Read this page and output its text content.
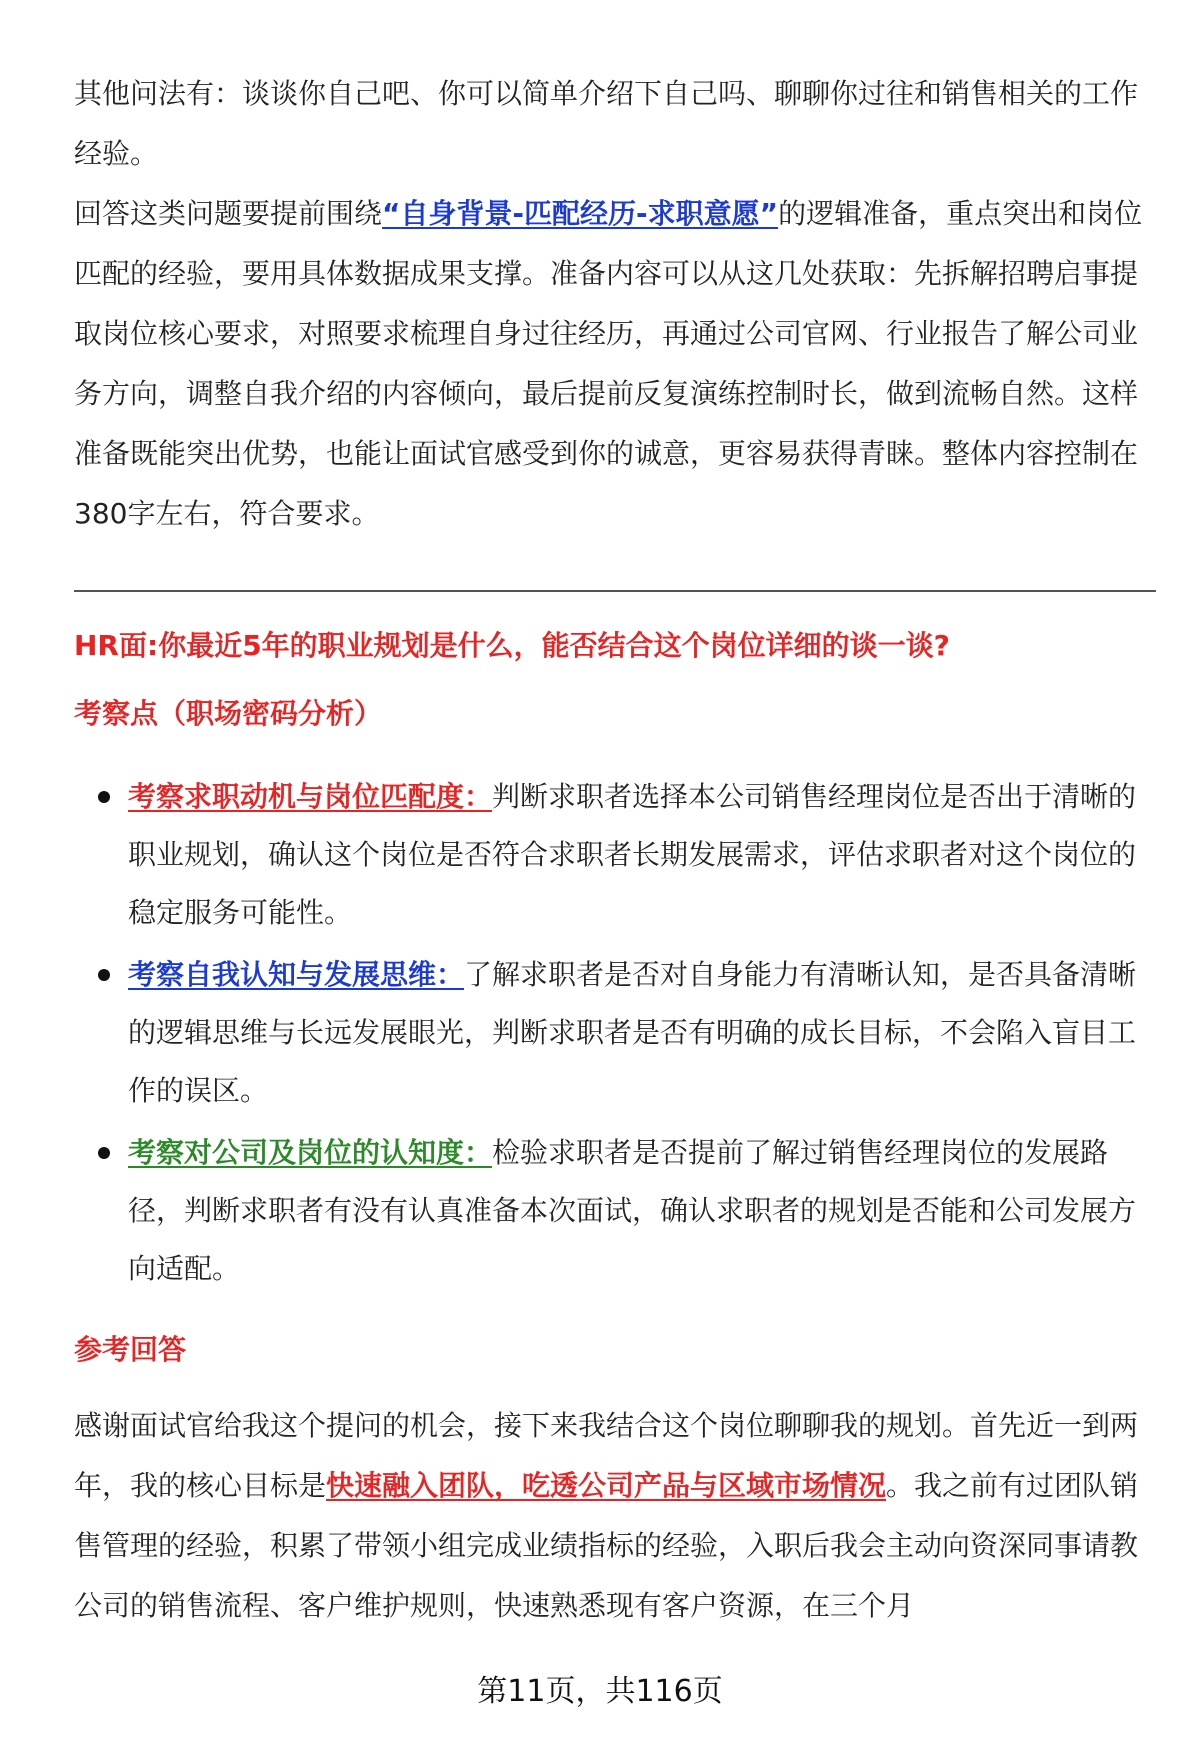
其他问法有：谈谈你自己吧、你可以简单介绍下自己吗、聊聊你过往和销售相关的工作经验。

回答这类问题要提前围绕“自身背景-匹配经历-求职意愿”的逻辑准备，重点突出和岗位匹配的经验，要用具体数据成果支撑。准备内容可以从这几处获取：先拆解招聘启事提取岗位核心要求，对照要求梳理自身过往经历，再通过公司官网、行业报告了解公司业务方向，调整自我介绍的内容倾向，最后提前反复演练控制时长，做到流畅自然。这样准备既能突出优势，也能让面试官感受到你的诚意，更容易获得青睐。整体内容控制在380字左右，符合要求。

HR面:你最近5年的职业规划是什么，能否结合这个岗位详细的谈一谈?
考察点（职场密码分析）
考察求职动机与岗位匹配度：判断求职者选择本公司销售经理岗位是否出于清晰的职业规划，确认这个岗位是否符合求职者长期发展需求，评估求职者对这个岗位的稳定服务可能性。
考察自我认知与发展思维：了解求职者是否对自身能力有清晰认知，是否具备清晰的逻辑思维与长远发展眼光，判断求职者是否有明确的成长目标，不会陷入盲目工作的误区。
考察对公司及岗位的认知度：检验求职者是否提前了解过销售经理岗位的发展路径，判断求职者有没有认真准备本次面试，确认求职者的规划是否能和公司发展方向适配。
参考回答

感谢面试官给我这个提问的机会，接下来我结合这个岗位聊聊我的规划。首先近一到两年，我的核心目标是快速融入团队，吃透公司产品与区域市场情况。我之前有过团队销售管理的经验，积累了带领小组完成业绩指标的经验，入职后我会主动向资深同事请教公司的销售流程、客户维护规则，快速熟悉现有客户资源，在三个月

第11页，共116页
